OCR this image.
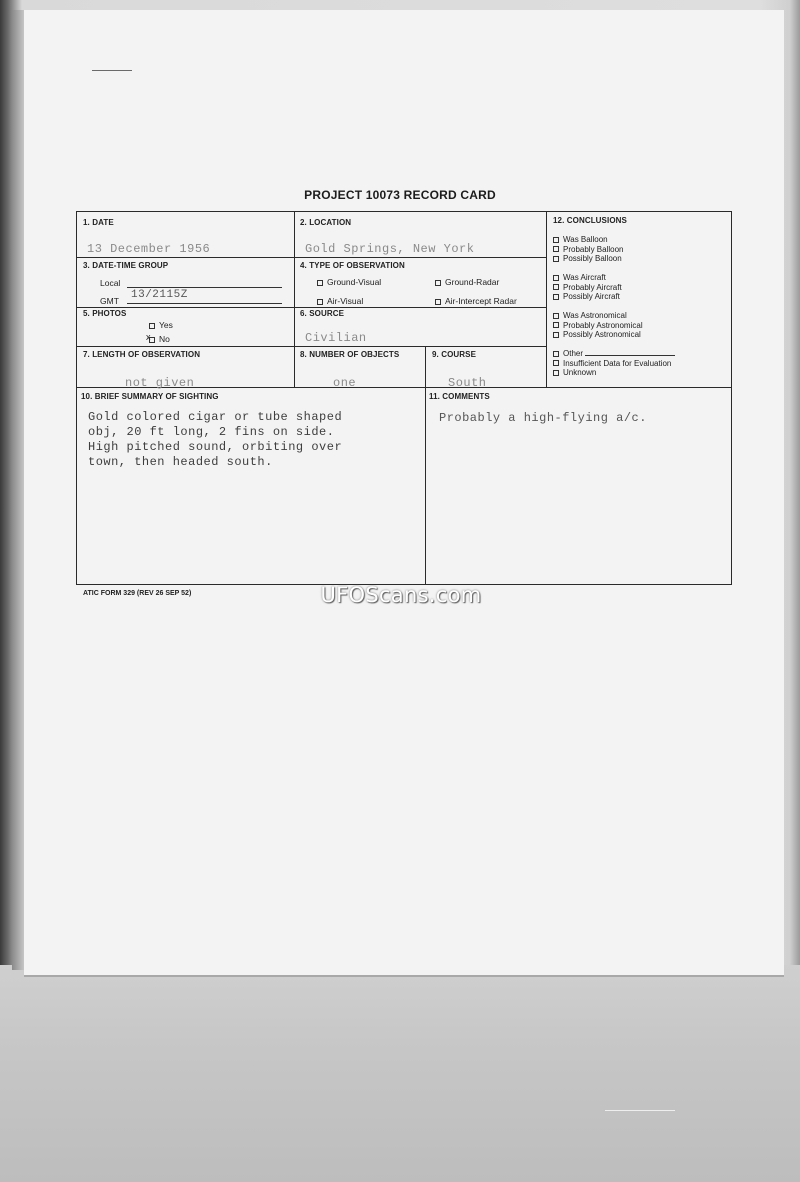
PROJECT 10073 RECORD CARD
1. DATE
13 December 1956
2. LOCATION
Gold Springs, New York
3. DATE-TIME GROUP
Local
GMT 13/2115Z
4. TYPE OF OBSERVATION
Ground-Visual	Ground-Radar
Air-Visual	Air-Intercept Radar
5. PHOTOS
Yes
x No
6. SOURCE
Civilian
7. LENGTH OF OBSERVATION
not given
8. NUMBER OF OBJECTS
one
9. COURSE
South
10. BRIEF SUMMARY OF SIGHTING
Gold colored cigar or tube shaped
obj, 20 ft long, 2 fins on side.
High pitched sound, orbiting over
town, then headed south.
11. COMMENTS
Probably a high-flying a/c.
12. CONCLUSIONS
Was Balloon
Probably Balloon
Possibly Balloon
Was Aircraft
Probably Aircraft
Possibly Aircraft
Was Astronomical
Probably Astronomical
Possibly Astronomical
Other
Insufficient Data for Evaluation
Unknown
ATIC FORM 329 (REV 26 SEP 52)	UFOScans.com
